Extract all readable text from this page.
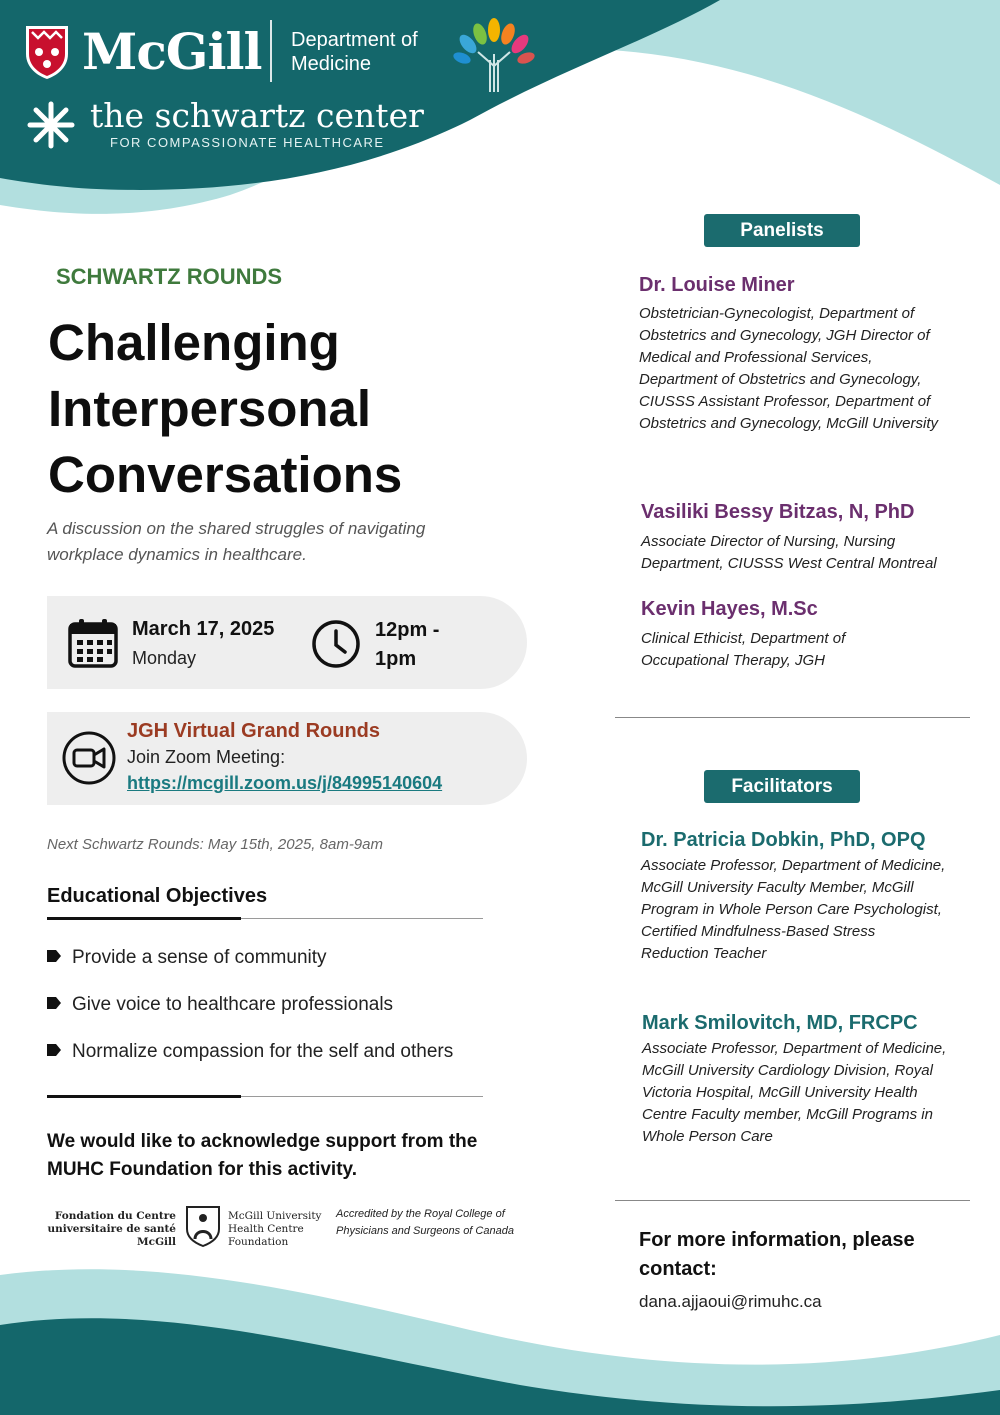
McGill Department of Medicine
the schwartz center
FOR COMPASSIONATE HEALTHCARE
SCHWARTZ ROUNDS
Challenging Interpersonal Conversations
A discussion on the shared struggles of navigating workplace dynamics in healthcare.
March 17, 2025
Monday
12pm - 1pm
JGH Virtual Grand Rounds
Join Zoom Meeting:
https://mcgill.zoom.us/j/84995140604
Next Schwartz Rounds: May 15th, 2025, 8am-9am
Educational Objectives
Provide a sense of community
Give voice to healthcare professionals
Normalize compassion for the self and others
We would like to acknowledge support from the MUHC Foundation for this activity.
Fondation du Centre universitaire de santé McGill
McGill University Health Centre Foundation
Accredited by the Royal College of Physicians and Surgeons of Canada
Panelists
Dr. Louise Miner
Obstetrician-Gynecologist, Department of Obstetrics and Gynecology, JGH Director of Medical and Professional Services, Department of Obstetrics and Gynecology, CIUSSS Assistant Professor, Department of Obstetrics and Gynecology, McGill University
Vasiliki Bessy Bitzas, N, PhD
Associate Director of Nursing, Nursing Department, CIUSSS West Central Montreal
Kevin Hayes, M.Sc
Clinical Ethicist, Department of Occupational Therapy, JGH
Facilitators
Dr. Patricia Dobkin, PhD, OPQ
Associate Professor, Department of Medicine, McGill University Faculty Member, McGill Program in Whole Person Care Psychologist, Certified Mindfulness-Based Stress Reduction Teacher
Mark Smilovitch, MD, FRCPC
Associate Professor, Department of Medicine, McGill University Cardiology Division, Royal Victoria Hospital, McGill University Health Centre Faculty member, McGill Programs in Whole Person Care
For more information, please contact:
dana.ajjaoui@rimuhc.ca
